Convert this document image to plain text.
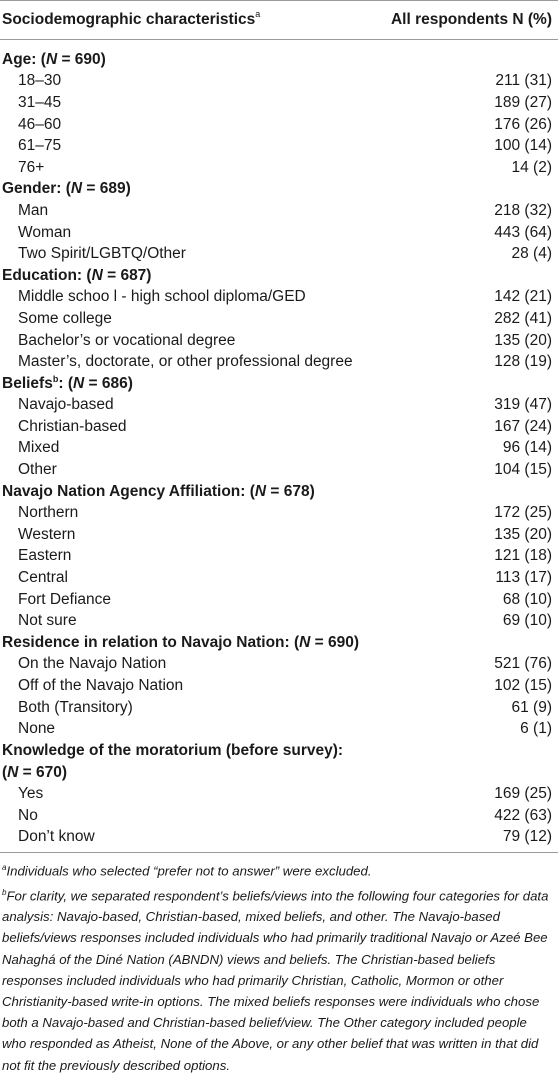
Sociodemographic characteristics$^a$	All respondents N (%)
Age: (N = 690)
18–30	211 (31)
31–45	189 (27)
46–60	176 (26)
61–75	100 (14)
76+	14 (2)
Gender: (N = 689)
Man	218 (32)
Woman	443 (64)
Two Spirit/LGBTQ/Other	28 (4)
Education: (N = 687)
Middle schoo l - high school diploma/GED	142 (21)
Some college	282 (41)
Bachelor’s or vocational degree	135 (20)
Master’s, doctorate, or other professional degree	128 (19)
Beliefs$^b$: (N = 686)
Navajo-based	319 (47)
Christian-based	167 (24)
Mixed	96 (14)
Other	104 (15)
Navajo Nation Agency Affiliation: (N = 678)
Northern	172 (25)
Western	135 (20)
Eastern	121 (18)
Central	113 (17)
Fort Defiance	68 (10)
Not sure	69 (10)
Residence in relation to Navajo Nation: (N = 690)
On the Navajo Nation	521 (76)
Off of the Navajo Nation	102 (15)
Both (Transitory)	61 (9)
None	6 (1)
Knowledge of the moratorium (before survey):
(N = 670)
Yes	169 (25)
No	422 (63)
Don’t know	79 (12)

$^a$Individuals who selected “prefer not to answer” were excluded.

$^b$For clarity, we separated respondent’s beliefs/views into the following four categories for data analysis: Navajo-based, Christian-based, mixed beliefs, and other. The Navajo-based beliefs/views responses included individuals who had primarily traditional Navajo or Azeé Bee Nahaghá of the Diné Nation (ABNDN) views and beliefs. The Christian-based beliefs responses included individuals who had primarily Christian, Catholic, Mormon or other Christianity-based write-in options. The mixed beliefs responses were individuals who chose both a Navajo-based and Christian-based belief/view. The Other category included people who responded as Atheist, None of the Above, or any other belief that was written in that did not fit the previously described options.
